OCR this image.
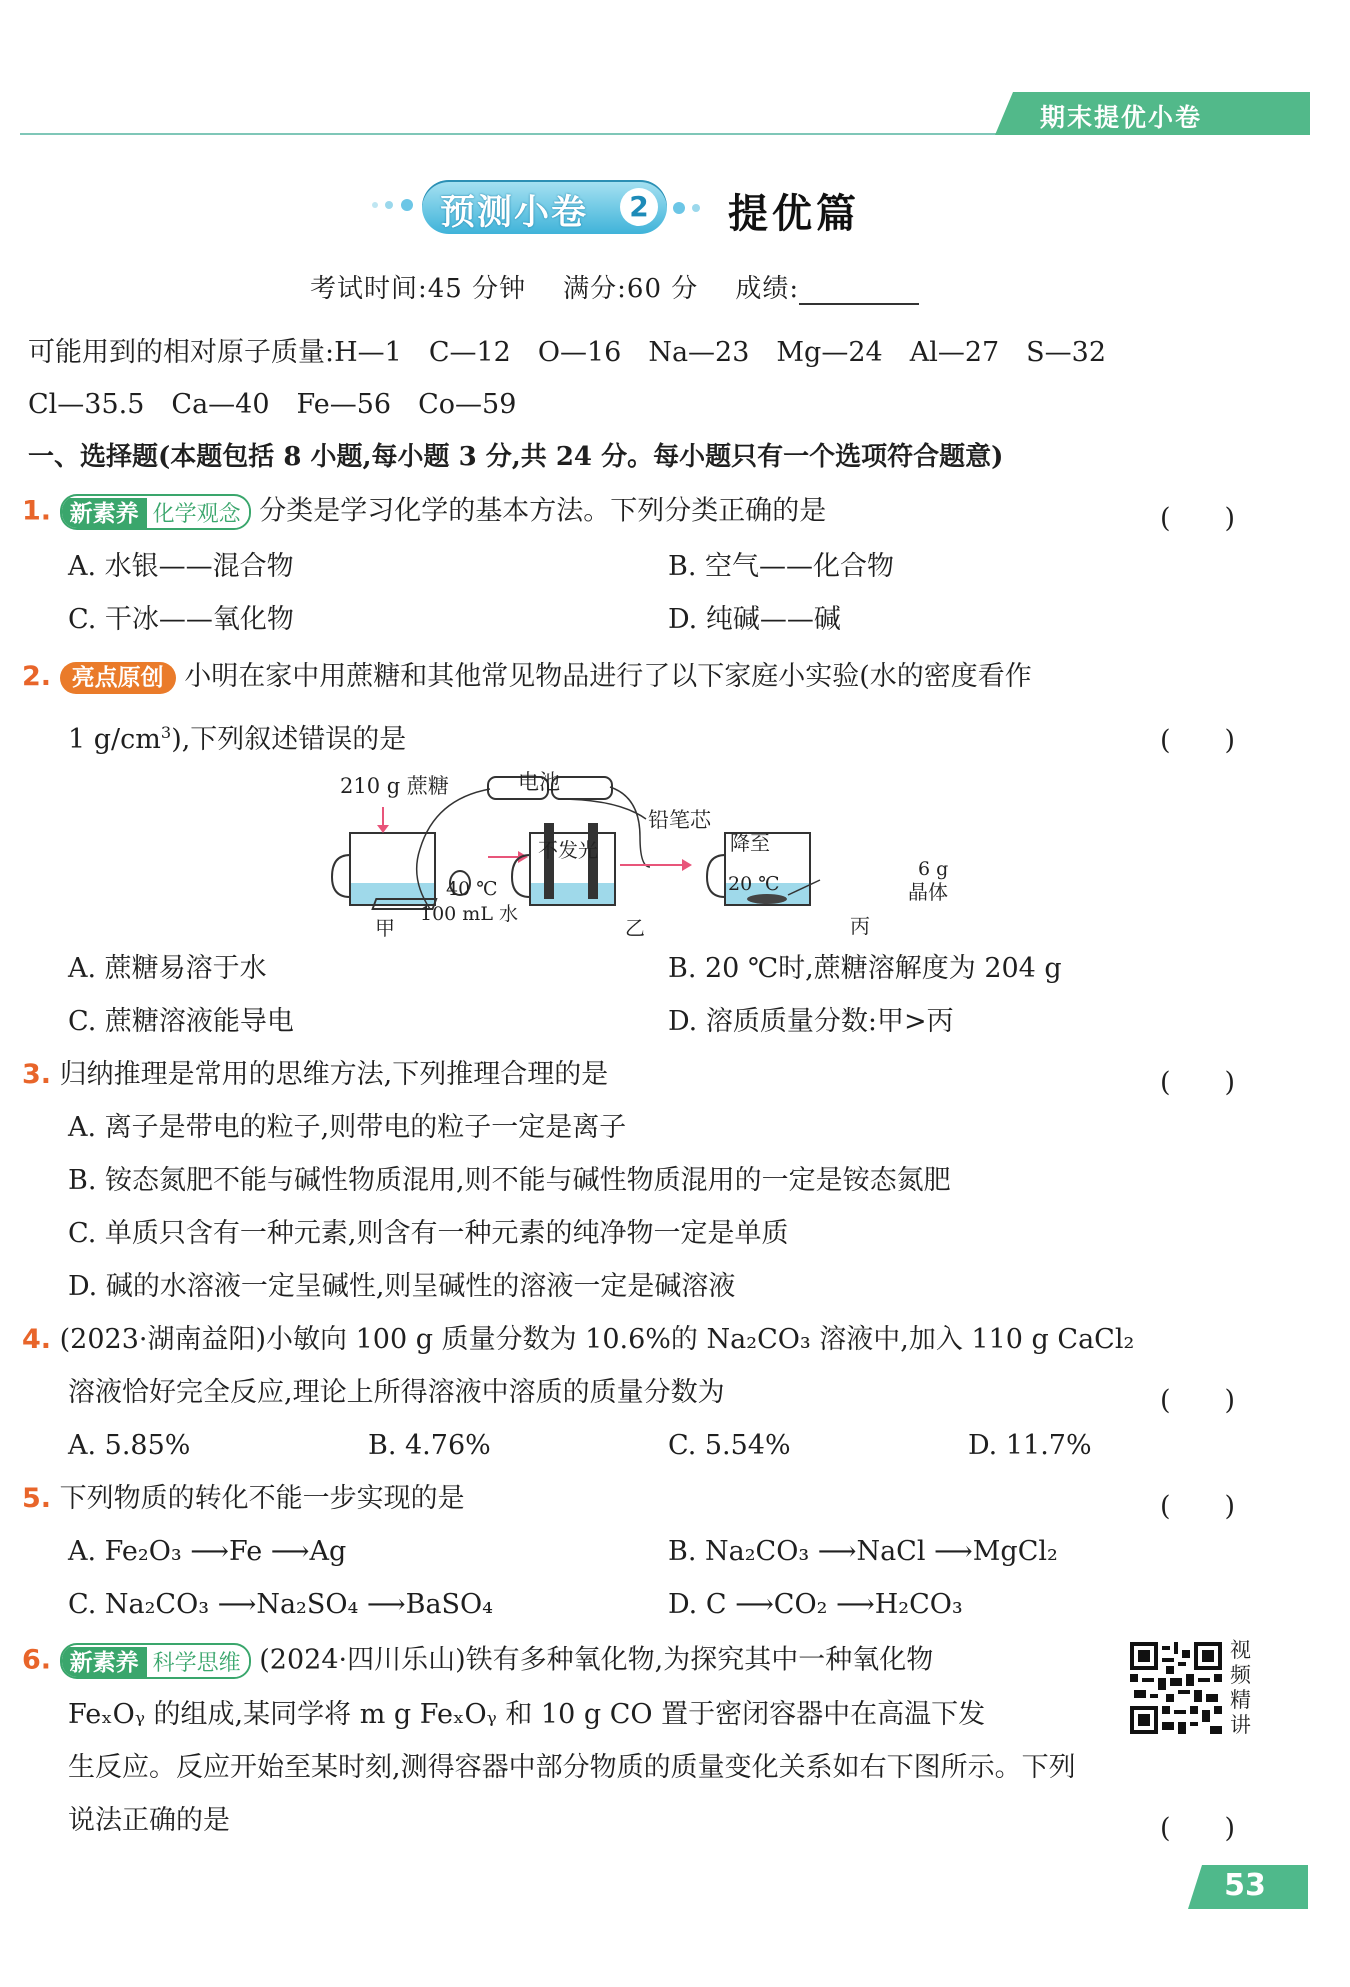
期末提优小卷
预测小卷	2 提优篇
考试时间:45 分钟 满分:60 分 成绩:
可能用到的相对原子质量:H—1　C—12　O—16　Na—23　Mg—24　Al—27　S—32
Cl—35.5　Ca—40　Fe—56　Co—59
一、选择题(本题包括 8 小题,每小题 3 分,共 24 分。每小题只有一个选项符合题意)
1. 新素养 化学观念 分类是学习化学的基本方法。下列分类正确的是	(　　)
A. 水银——混合物	B. 空气——化合物
C. 干冰——氧化物	D. 纯碱——碱
2. 亮点原创 小明在家中用蔗糖和其他常见物品进行了以下家庭小实验(水的密度看作
1 $g/cm^3$),下列叙述错误的是	(　　)
210 g 蔗糖	电池
铅笔芯
不发光
40 ℃
100 mL 水
降至
20 ℃
6 g
晶体
甲	乙	丙
A. 蔗糖易溶于水	B. 20 ℃时,蔗糖溶解度为 204 g
C. 蔗糖溶液能导电	D. 溶质质量分数:甲>丙
3. 归纳推理是常用的思维方法,下列推理合理的是	(　　)
A. 离子是带电的粒子,则带电的粒子一定是离子
B. 铵态氮肥不能与碱性物质混用,则不能与碱性物质混用的一定是铵态氮肥
C. 单质只含有一种元素,则含有一种元素的纯净物一定是单质
D. 碱的水溶液一定呈碱性,则呈碱性的溶液一定是碱溶液
4. (2023·湖南益阳)小敏向 100 g 质量分数为 10.6%的 Na₂CO₃ 溶液中,加入 110 g CaCl₂
溶液恰好完全反应,理论上所得溶液中溶质的质量分数为	(　　)
A. 5.85%	B. 4.76%	C. 5.54%	D. 11.7%
5. 下列物质的转化不能一步实现的是	(　　)
A. Fe₂O₃ ⟶Fe ⟶Ag	B. Na₂CO₃ ⟶NaCl ⟶MgCl₂
C. Na₂CO₃ ⟶Na₂SO₄ ⟶BaSO₄	D. C ⟶CO₂ ⟶H₂CO₃
6. 新素养 科学思维 (2024·四川乐山)铁有多种氧化物,为探究其中一种氧化物
FeₓOᵧ 的组成,某同学将 m g FeₓOᵧ 和 10 g CO 置于密闭容器中在高温下发
生反应。反应开始至某时刻,测得容器中部分物质的质量变化关系如右下图所示。下列
说法正确的是	(　　)
视
频
精
讲
53
